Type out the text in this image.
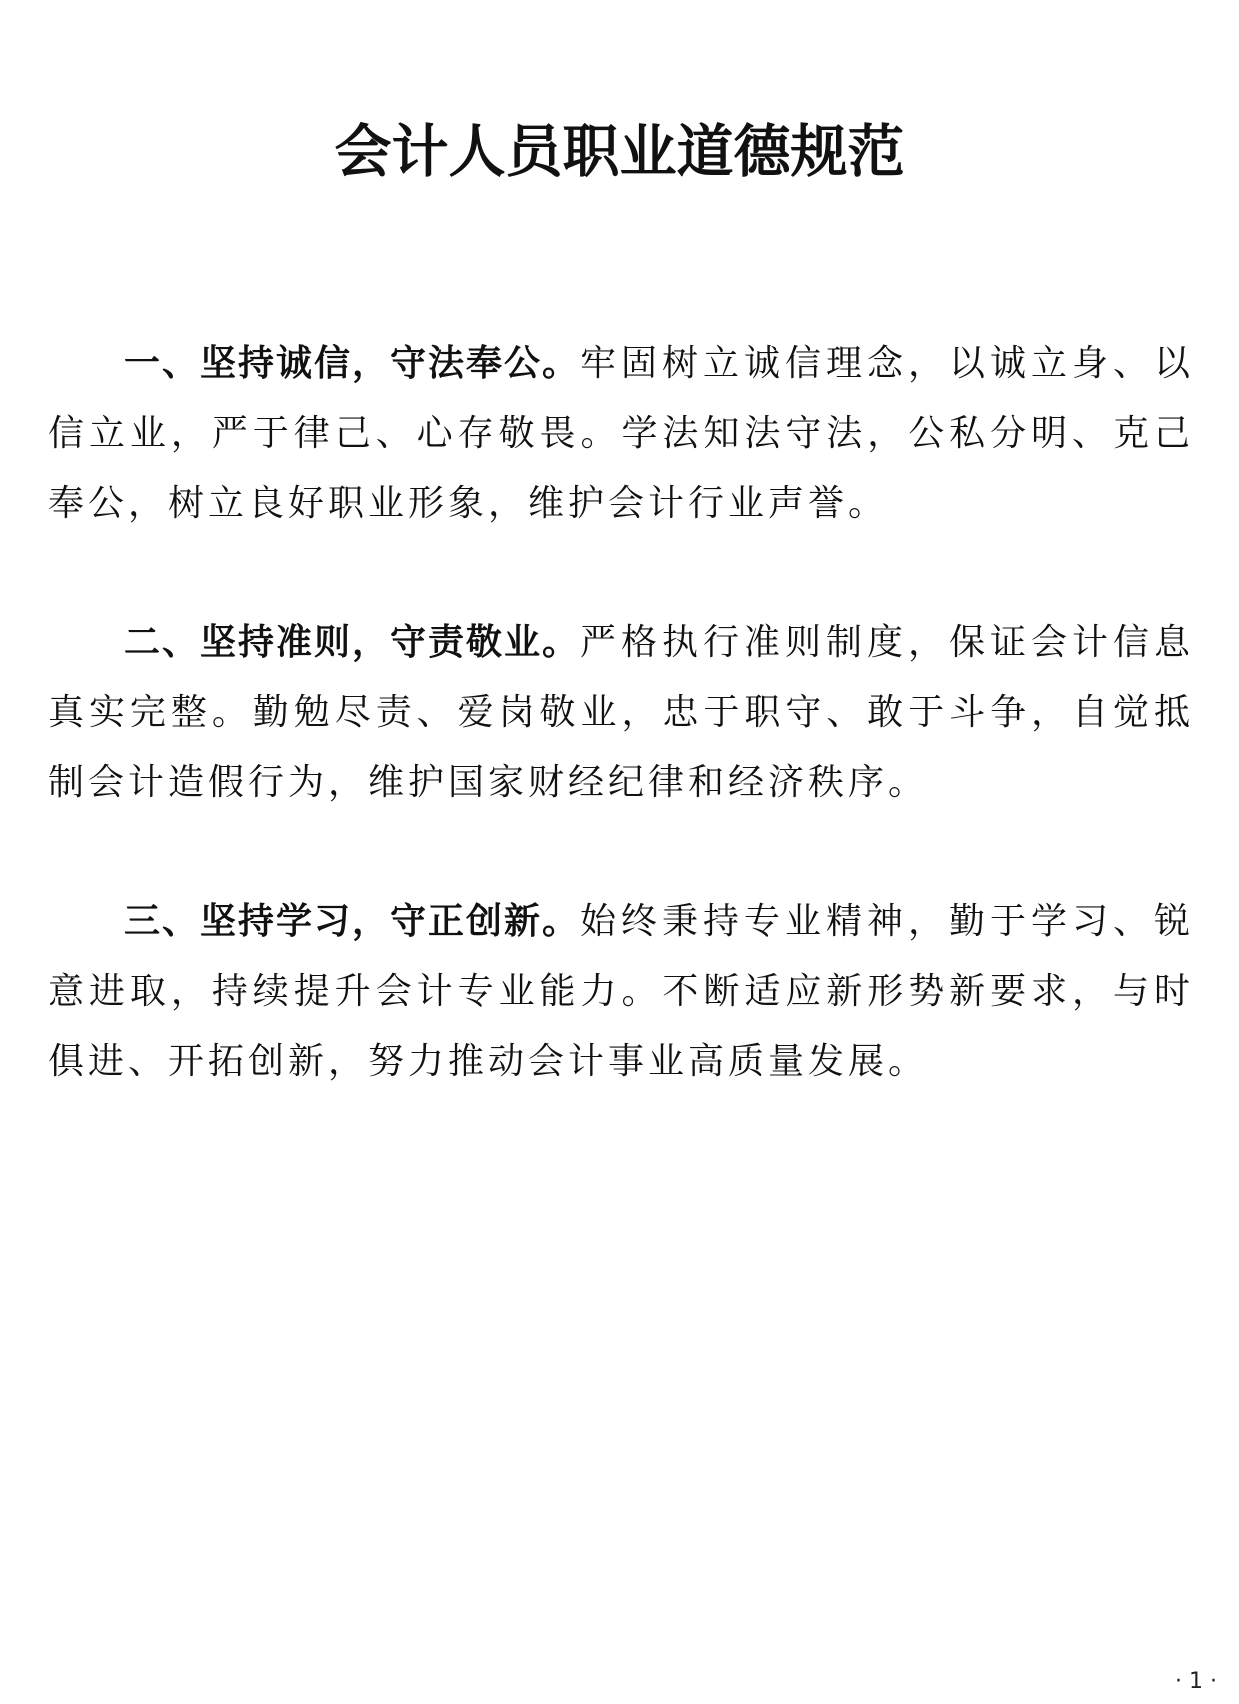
会计人员职业道德规范

一、坚持诚信，守法奉公。牢固树立诚信理念，以诚立身、以信立业，严于律己、心存敬畏。学法知法守法，公私分明、克己奉公，树立良好职业形象，维护会计行业声誉。

二、坚持准则，守责敬业。严格执行准则制度，保证会计信息真实完整。勤勉尽责、爱岗敬业，忠于职守、敢于斗争，自觉抵制会计造假行为，维护国家财经纪律和经济秩序。

三、坚持学习，守正创新。始终秉持专业精神，勤于学习、锐意进取，持续提升会计专业能力。不断适应新形势新要求，与时俱进、开拓创新，努力推动会计事业高质量发展。

· 1 ·
